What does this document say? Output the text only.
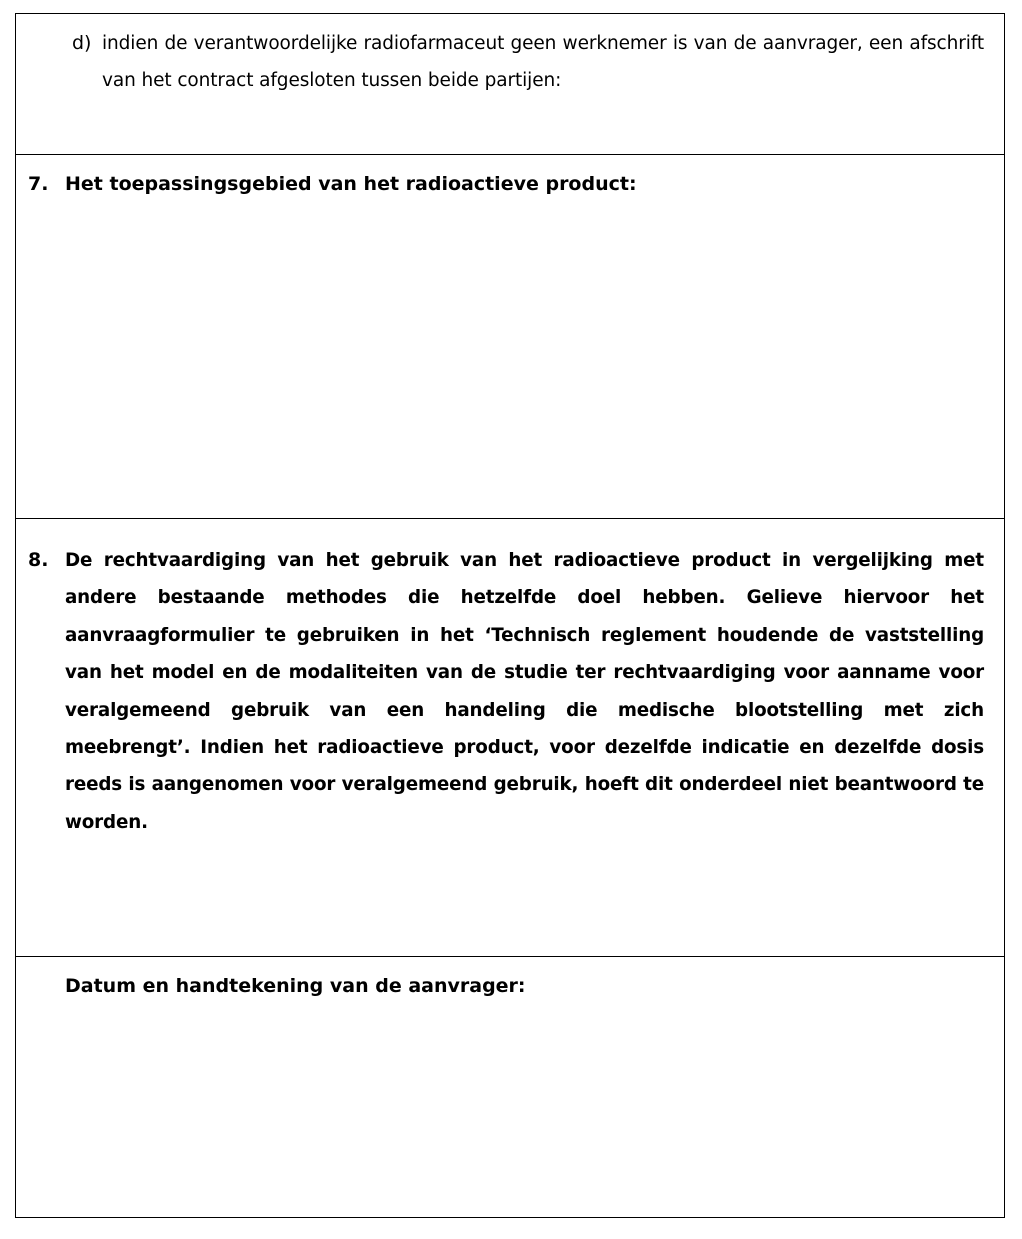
d) indien de verantwoordelijke radiofarmaceut geen werknemer is van de aanvrager, een afschrift van het contract afgesloten tussen beide partijen:
7. Het toepassingsgebied van het radioactieve product:
8. De rechtvaardiging van het gebruik van het radioactieve product in vergelijking met andere bestaande methodes die hetzelfde doel hebben. Gelieve hiervoor het aanvraagformulier te gebruiken in het ‘Technisch reglement houdende de vaststelling van het model en de modaliteiten van de studie ter rechtvaardiging voor aanname voor veralgemeend gebruik van een handeling die medische blootstelling met zich meebrengt’. Indien het radioactieve product, voor dezelfde indicatie en dezelfde dosis reeds is aangenomen voor veralgemeend gebruik, hoeft dit onderdeel niet beantwoord te worden.
Datum en handtekening van de aanvrager:
